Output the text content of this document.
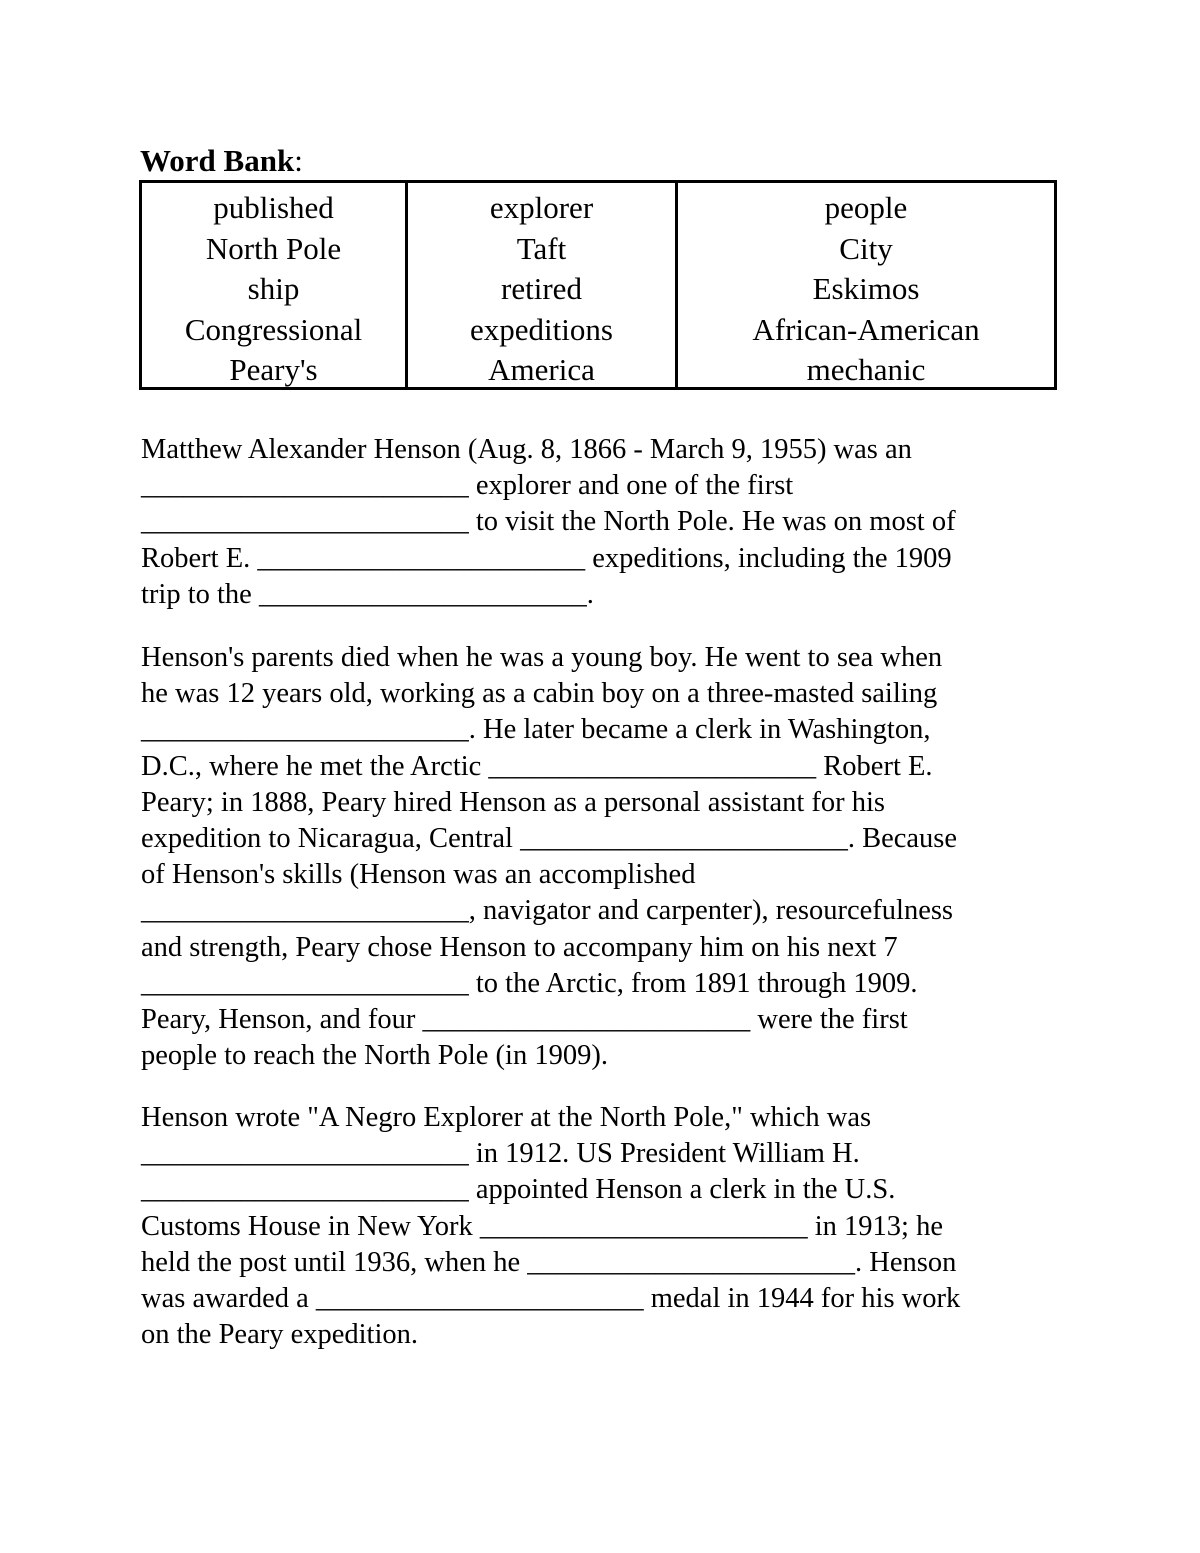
Word Bank:
published
North Pole
ship
Congressional
Peary's
explorer
Taft
retired
expeditions
America
people
City
Eskimos
African-American
mechanic
Matthew Alexander Henson (Aug. 8, 1866 - March 9, 1955) was an
_______________________ explorer and one of the first
_______________________ to visit the North Pole. He was on most of
Robert E. _______________________ expeditions, including the 1909
trip to the _______________________.
Henson's parents died when he was a young boy. He went to sea when
he was 12 years old, working as a cabin boy on a three-masted sailing
_______________________. He later became a clerk in Washington,
D.C., where he met the Arctic _______________________ Robert E.
Peary; in 1888, Peary hired Henson as a personal assistant for his
expedition to Nicaragua, Central _______________________. Because
of Henson's skills (Henson was an accomplished
_______________________, navigator and carpenter), resourcefulness
and strength, Peary chose Henson to accompany him on his next 7
_______________________ to the Arctic, from 1891 through 1909.
Peary, Henson, and four _______________________ were the first
people to reach the North Pole (in 1909).
Henson wrote "A Negro Explorer at the North Pole," which was
_______________________ in 1912. US President William H.
_______________________ appointed Henson a clerk in the U.S.
Customs House in New York _______________________ in 1913; he
held the post until 1936, when he _______________________. Henson
was awarded a _______________________ medal in 1944 for his work
on the Peary expedition.
